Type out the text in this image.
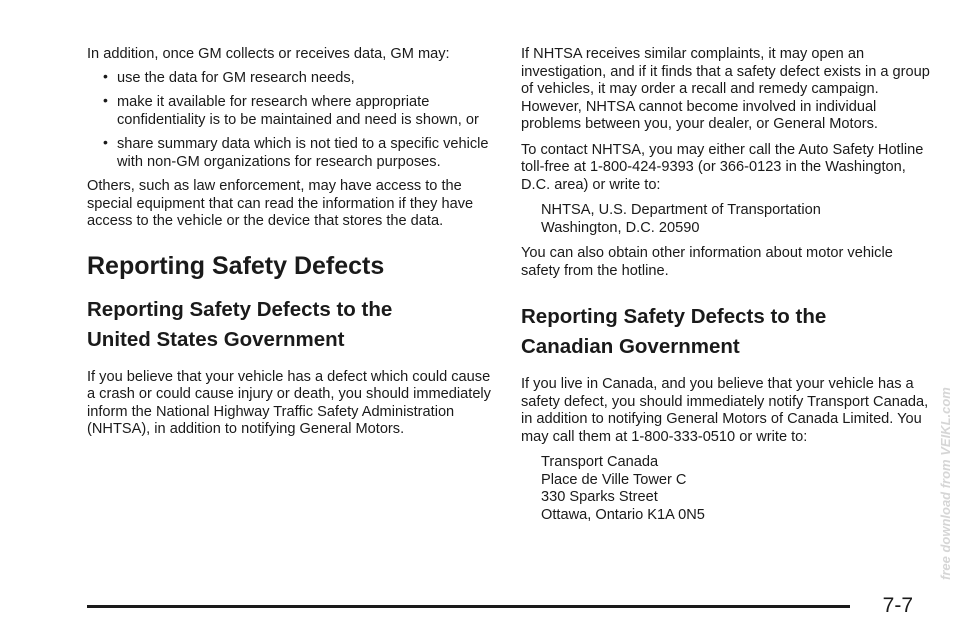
In addition, once GM collects or receives data, GM may:

• use the data for GM research needs,
• make it available for research where appropriate confidentiality is to be maintained and need is shown, or
• share summary data which is not tied to a specific vehicle with non-GM organizations for research purposes.

Others, such as law enforcement, may have access to the special equipment that can read the information if they have access to the vehicle or the device that stores the data.

Reporting Safety Defects
Reporting Safety Defects to the
United States Government

If you believe that your vehicle has a defect which could cause a crash or could cause injury or death, you should immediately inform the National Highway Traffic Safety Administration (NHTSA), in addition to notifying General Motors.

If NHTSA receives similar complaints, it may open an investigation, and if it finds that a safety defect exists in a group of vehicles, it may order a recall and remedy campaign. However, NHTSA cannot become involved in individual problems between you, your dealer, or General Motors.

To contact NHTSA, you may either call the Auto Safety Hotline toll-free at 1-800-424-9393 (or 366-0123 in the Washington, D.C. area) or write to:

NHTSA, U.S. Department of Transportation
Washington, D.C. 20590

You can also obtain other information about motor vehicle safety from the hotline.

Reporting Safety Defects to the
Canadian Government

If you live in Canada, and you believe that your vehicle has a safety defect, you should immediately notify Transport Canada, in addition to notifying General Motors of Canada Limited. You may call them at 1-800-333-0510 or write to:

Transport Canada
Place de Ville Tower C
330 Sparks Street
Ottawa, Ontario K1A 0N5

7-7
free download from VEIKL.com
